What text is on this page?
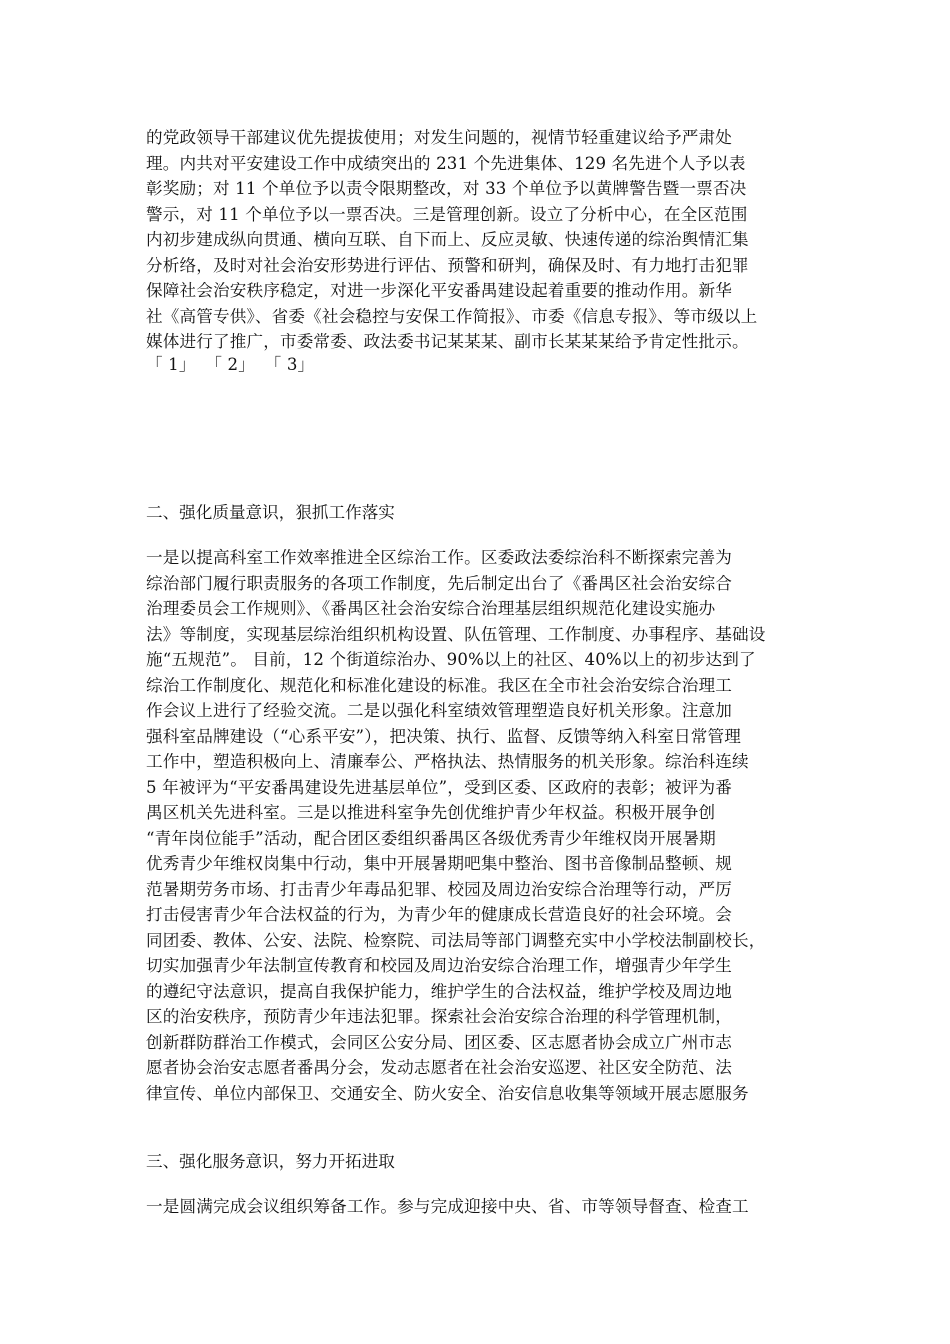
的党政领导干部建议优先提拔使用；对发生问题的，视情节轻重建议给予严肃处
理。内共对平安建设工作中成绩突出的 231 个先进集体、129 名先进个人予以表
彰奖励；对 11 个单位予以责令限期整改，对 33 个单位予以黄牌警告暨一票否决
警示，对 11 个单位予以一票否决。三是管理创新。设立了分析中心，在全区范围
内初步建成纵向贯通、横向互联、自下而上、反应灵敏、快速传递的综治舆情汇集
分析络，及时对社会治安形势进行评估、预警和研判，确保及时、有力地打击犯罪
保障社会治安秩序稳定，对进一步深化平安番禺建设起着重要的推动作用。新华
社《高管专供》、省委《社会稳控与安保工作简报》、市委《信息专报》、等市级以上
媒体进行了推广，市委常委、政法委书记某某某、副市长某某某给予肯定性批示。
「 1」 「 2」 「 3」
二、强化质量意识，狠抓工作落实
一是以提高科室工作效率推进全区综治工作。区委政法委综治科不断探索完善为
综治部门履行职责服务的各项工作制度，先后制定出台了《番禺区社会治安综合
治理委员会工作规则》、《番禺区社会治安综合治理基层组织规范化建设实施办
法》等制度，实现基层综治组织机构设置、队伍管理、工作制度、办事程序、基础设
施“五规范”。 目前，12 个街道综治办、90%以上的社区、40%以上的初步达到了
综治工作制度化、规范化和标准化建设的标准。我区在全市社会治安综合治理工
作会议上进行了经验交流。二是以强化科室绩效管理塑造良好机关形象。注意加
强科室品牌建设（“心系平安”），把决策、执行、监督、反馈等纳入科室日常管理
工作中，塑造积极向上、清廉奉公、严格执法、热情服务的机关形象。综治科连续
5 年被评为“平安番禺建设先进基层单位”，受到区委、区政府的表彰；被评为番
禺区机关先进科室。三是以推进科室争先创优维护青少年权益。积极开展争创
“青年岗位能手”活动，配合团区委组织番禺区各级优秀青少年维权岗开展暑期
优秀青少年维权岗集中行动，集中开展暑期吧集中整治、图书音像制品整顿、规
范暑期劳务市场、打击青少年毒品犯罪、校园及周边治安综合治理等行动，严厉
打击侵害青少年合法权益的行为，为青少年的健康成长营造良好的社会环境。会
同团委、教体、公安、法院、检察院、司法局等部门调整充实中小学校法制副校长，
切实加强青少年法制宣传教育和校园及周边治安综合治理工作，增强青少年学生
的遵纪守法意识，提高自我保护能力，维护学生的合法权益，维护学校及周边地
区的治安秩序，预防青少年违法犯罪。探索社会治安综合治理的科学管理机制，
创新群防群治工作模式，会同区公安分局、团区委、区志愿者协会成立广州市志
愿者协会治安志愿者番禺分会，发动志愿者在社会治安巡逻、社区安全防范、法
律宣传、单位内部保卫、交通安全、防火安全、治安信息收集等领域开展志愿服务
三、强化服务意识，努力开拓进取
一是圆满完成会议组织筹备工作。参与完成迎接中央、省、市等领导督查、检查工
